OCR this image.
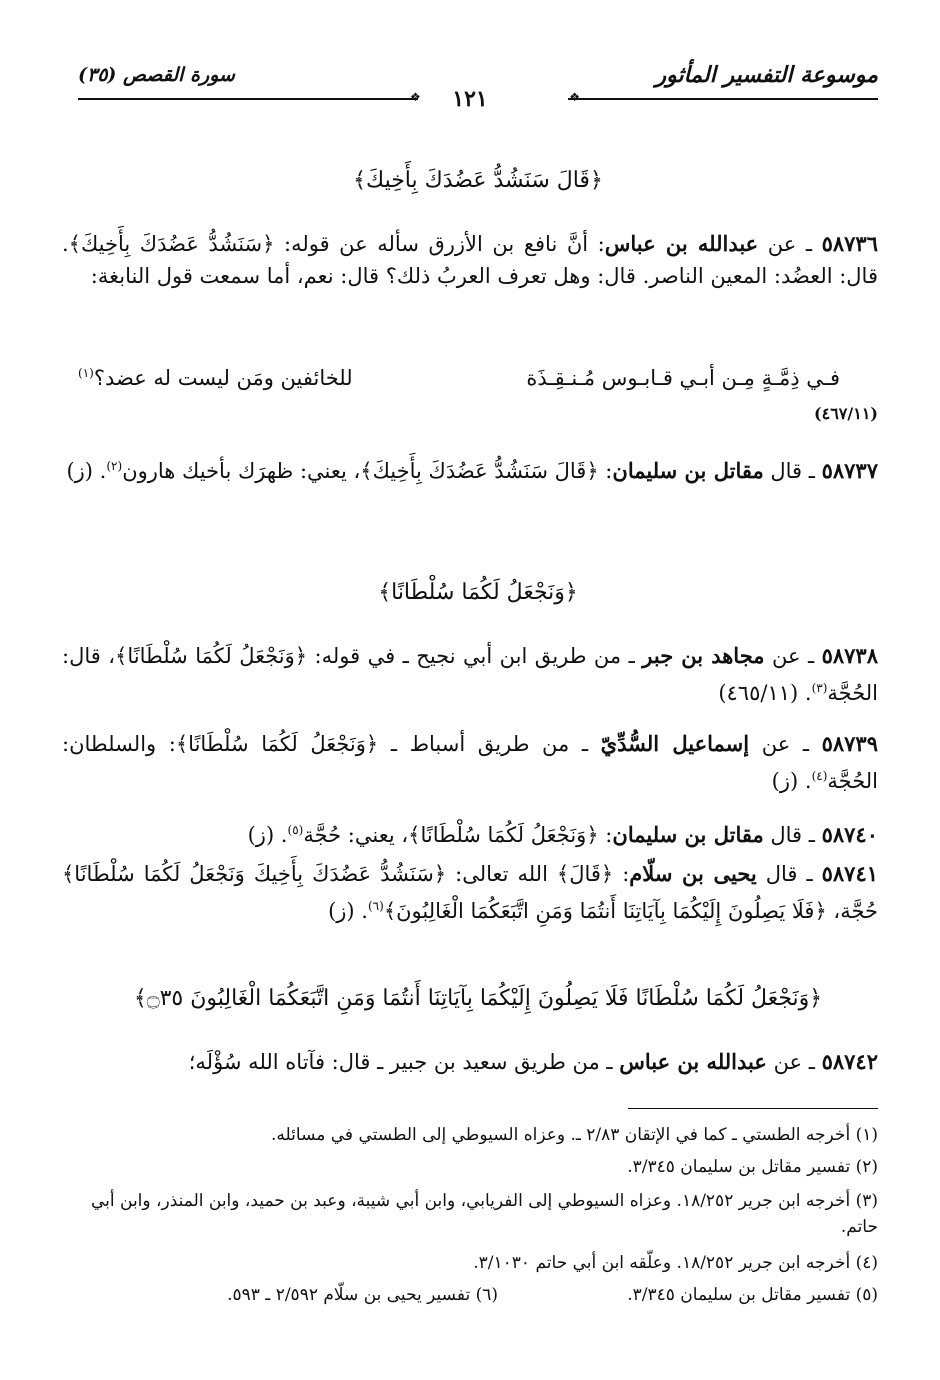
موسوعة التفسير المأثور
سورة القصص (٣٥)
❖
❖	١٢١
﴿قَالَ سَنَشُدُّ عَضُدَكَ بِأَخِيكَ﴾
٥٨٧٣٦ ـ عن عبدالله بن عباس: أنَّ نافع بن الأزرق سأله عن قوله: ﴿سَنَشُدُّ عَضُدَكَ بِأَخِيكَ﴾. قال: العضُد: المعين الناصر. قال: وهل تعرف العربُ ذلك؟ قال: نعم، أما سمعت قول النابغة:
فـي ذِمَّـةٍ مِـن أبـي قـابـوس مُـنـقِـذَة
للخائفين ومَن ليست له عضد؟$^{(١)}$
(٤٦٧/١١)
٥٨٧٣٧ ـ قال مقاتل بن سليمان: ﴿قَالَ سَنَشُدُّ عَضُدَكَ بِأَخِيكَ﴾، يعني: ظهرَك بأخيك هارون$^{(٢)}$. (ز)
﴿وَنَجْعَلُ لَكُمَا سُلْطَانًا﴾
٥٨٧٣٨ ـ عن مجاهد بن جبر ـ من طريق ابن أبي نجيح ـ في قوله: ﴿وَنَجْعَلُ لَكُمَا سُلْطَانًا﴾، قال: الحُجَّة$^{(٣)}$. (٤٦٥/١١)
٥٨٧٣٩ ـ عن إسماعيل السُّدِّيّ ـ من طريق أسباط ـ ﴿وَنَجْعَلُ لَكُمَا سُلْطَانًا﴾: والسلطان: الحُجَّة$^{(٤)}$. (ز)
٥٨٧٤٠ ـ قال مقاتل بن سليمان: ﴿وَنَجْعَلُ لَكُمَا سُلْطَانًا﴾، يعني: حُجَّة$^{(٥)}$. (ز)
٥٨٧٤١ ـ قال يحيى بن سلّام: ﴿قَالَ﴾ الله تعالى: ﴿سَنَشُدُّ عَضُدَكَ بِأَخِيكَ وَنَجْعَلُ لَكُمَا سُلْطَانًا﴾ حُجَّة، ﴿فَلَا يَصِلُونَ إِلَيْكُمَا بِآيَاتِنَا أَنتُمَا وَمَنِ اتَّبَعَكُمَا الْغَالِبُونَ﴾$^{(٦)}$. (ز)
﴿وَنَجْعَلُ لَكُمَا سُلْطَانًا فَلَا يَصِلُونَ إِلَيْكُمَا بِآيَاتِنَا أَنتُمَا وَمَنِ اتَّبَعَكُمَا الْغَالِبُونَ ۝٣٥﴾
٥٨٧٤٢ ـ عن عبدالله بن عباس ـ من طريق سعيد بن جبير ـ قال: فآتاه الله سُؤْلَه؛
(١) أخرجه الطستي ـ كما في الإتقان ٢/٨٣ ـ. وعزاه السيوطي إلى الطستي في مسائله.
(٢) تفسير مقاتل بن سليمان ٣/٣٤٥.
(٣) أخرجه ابن جرير ١٨/٢٥٢. وعزاه السيوطي إلى الفريابي، وابن أبي شيبة، وعبد بن حميد، وابن المنذر، وابن أبي حاتم.
(٤) أخرجه ابن جرير ١٨/٢٥٢. وعلّقه ابن أبي حاتم ٣/١٠٣٠.
(٥) تفسير مقاتل بن سليمان ٣/٣٤٥.
(٦) تفسير يحيى بن سلّام ٢/٥٩٢ ـ ٥٩٣.
